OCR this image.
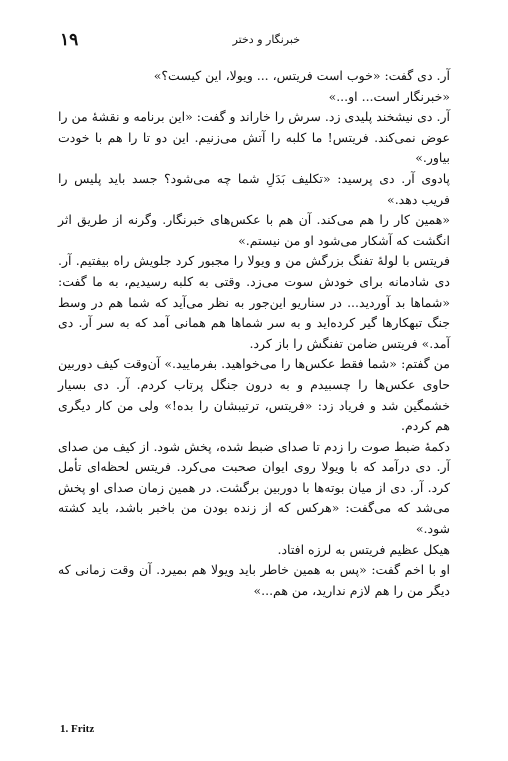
۱۹	خبرنگار و دختر

آر. دی گفت: «خوب است فریتس، ... ویولا، این کیست؟»

«خبرنگار است... او...»

آر. دی نیشخند پلیدی زد. سرش را خاراند و گفت: «این برنامه و نقشهٔ من را عوض نمی‌کند. فریتس! ما کلبه را آتش می‌زنیم. این دو تا را هم با خودت بیاور.»

پادوی آر. دی پرسید: «تکلیف بَدَلِ شما چه می‌شود؟ جسد باید پلیس را فریب دهد.»

«همین کار را هم می‌کند. آن هم با عکس‌های خبرنگار. وگرنه از طریق اثر انگشت که آشکار می‌شود او من نیستم.»

فریتس با لولهٔ تفنگ بزرگش من و ویولا را مجبور کرد جلویش راه بیفتیم. آر. دی شادمانه برای خودش سوت می‌زد. وقتی به کلبه رسیدیم، به ما گفت: «شماها بد آوردید... در سناریو این‌جور به نظر می‌آید که شما هم در وسط جنگ تبهکارها گیر کرده‌اید و به سر شماها هم همانی آمد که به سر آر. دی آمد.» فریتس ضامن تفنگش را باز کرد.

من گفتم: «شما فقط عکس‌ها را می‌خواهید. بفرمایید.» آن‌وقت کیف دوربین حاوی عکس‌ها را چسبیدم و به درون جنگل پرتاب کردم. آر. دی بسیار خشمگین شد و فریاد زد: «فریتس، ترتیبشان را بده!» ولی من کار دیگری هم کردم.

دکمهٔ ضبط صوت را زدم تا صدای ضبط شده، پخش شود. از کیف من صدای آر. دی درآمد که با ویولا روی ایوان صحبت می‌کرد. فریتس لحظه‌ای تأمل کرد. آر. دی از میان بوته‌ها با دوربین برگشت. در همین زمان صدای او پخش می‌شد که می‌گفت: «هرکس که از زنده بودن من باخبر باشد، باید کشته شود.»

هیکل عظیم فریتس به لرزه افتاد.

او با اخم گفت: «پس به همین خاطر باید ویولا هم بمیرد. آن وقت زمانی که دیگر من را هم لازم ندارید، من هم...»

1. Fritz
